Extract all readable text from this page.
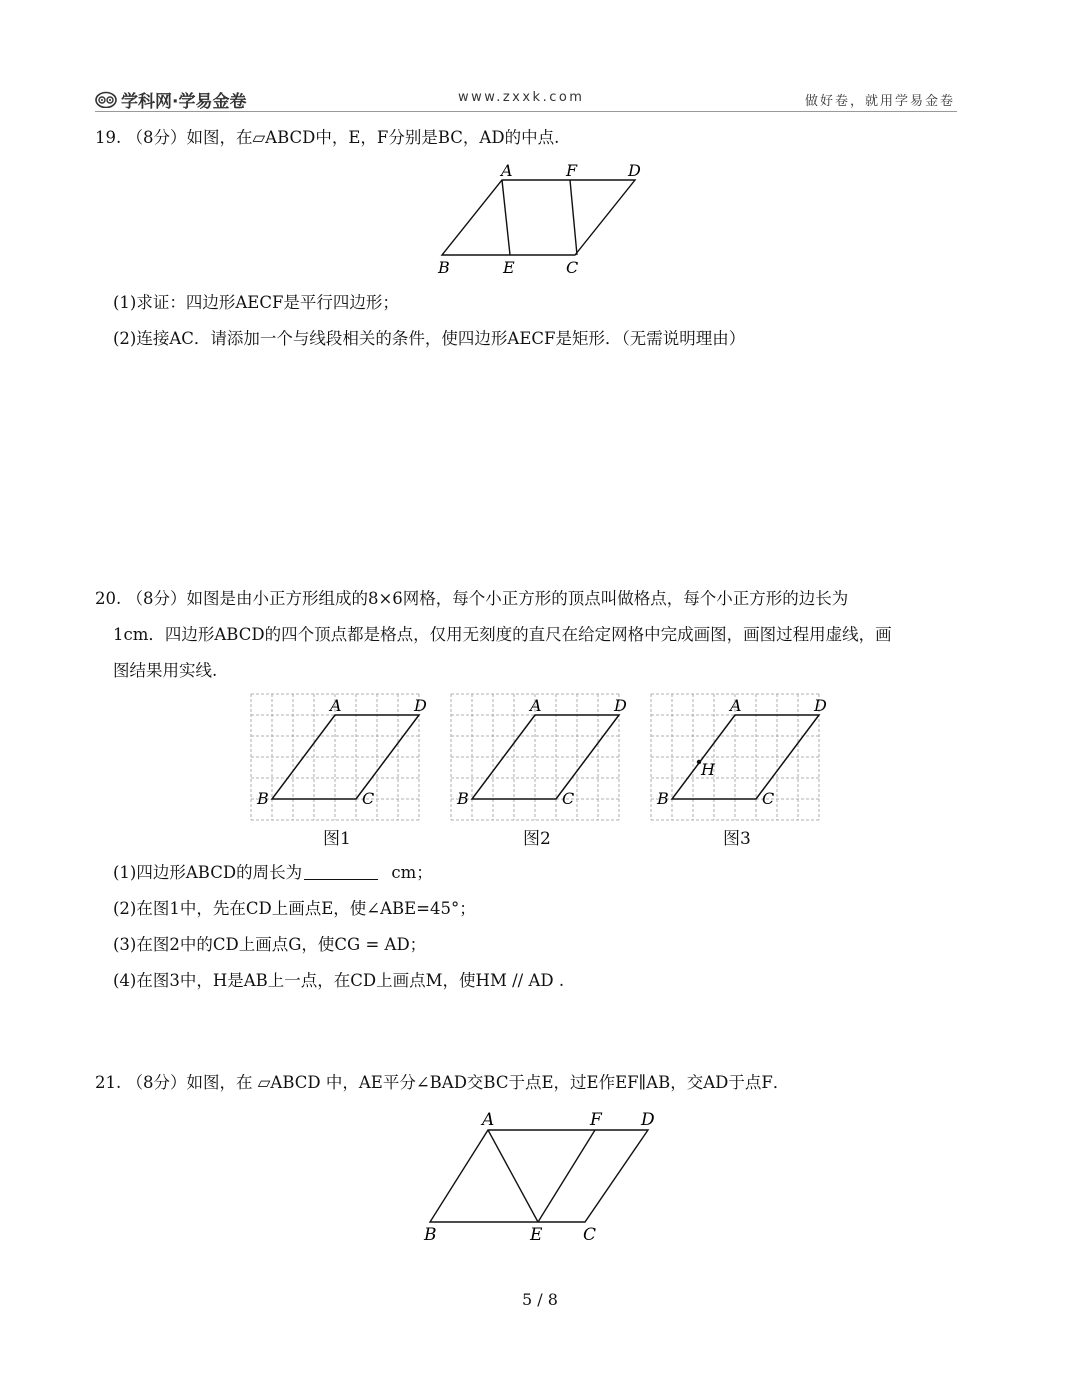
学科网·学易金卷	www.zxxk.com	做好卷，就用学易金卷
19. （8分）如图，在▱ABCD中，E，F分别是BC，AD的中点.
A	F	D
B	E	C
(1)求证：四边形AECF是平行四边形；
(2)连接AC．请添加一个与线段相关的条件，使四边形AECF是矩形．（无需说明理由）
20. （8分）如图是由小正方形组成的8×6网格，每个小正方形的顶点叫做格点，每个小正方形的边长为
1cm．四边形ABCD的四个顶点都是格点，仅用无刻度的直尺在给定网格中完成画图，画图过程用虚线，画
图结果用实线.
A	D
B	C
图1
A	D
B	C
图2
A	D
B	C
H
图3
(1)四边形ABCD的周长为	cm；
(2)在图1中，先在CD上画点E，使∠ABE=45°；
(3)在图2中的CD上画点G，使CG = AD；
(4)在图3中，H是AB上一点，在CD上画点M，使HM // AD .
21. （8分）如图，在 ▱ABCD 中，AE平分∠BAD交BC于点E，过E作EF∥AB，交AD于点F．
A	F D
B	E C
5 / 8
